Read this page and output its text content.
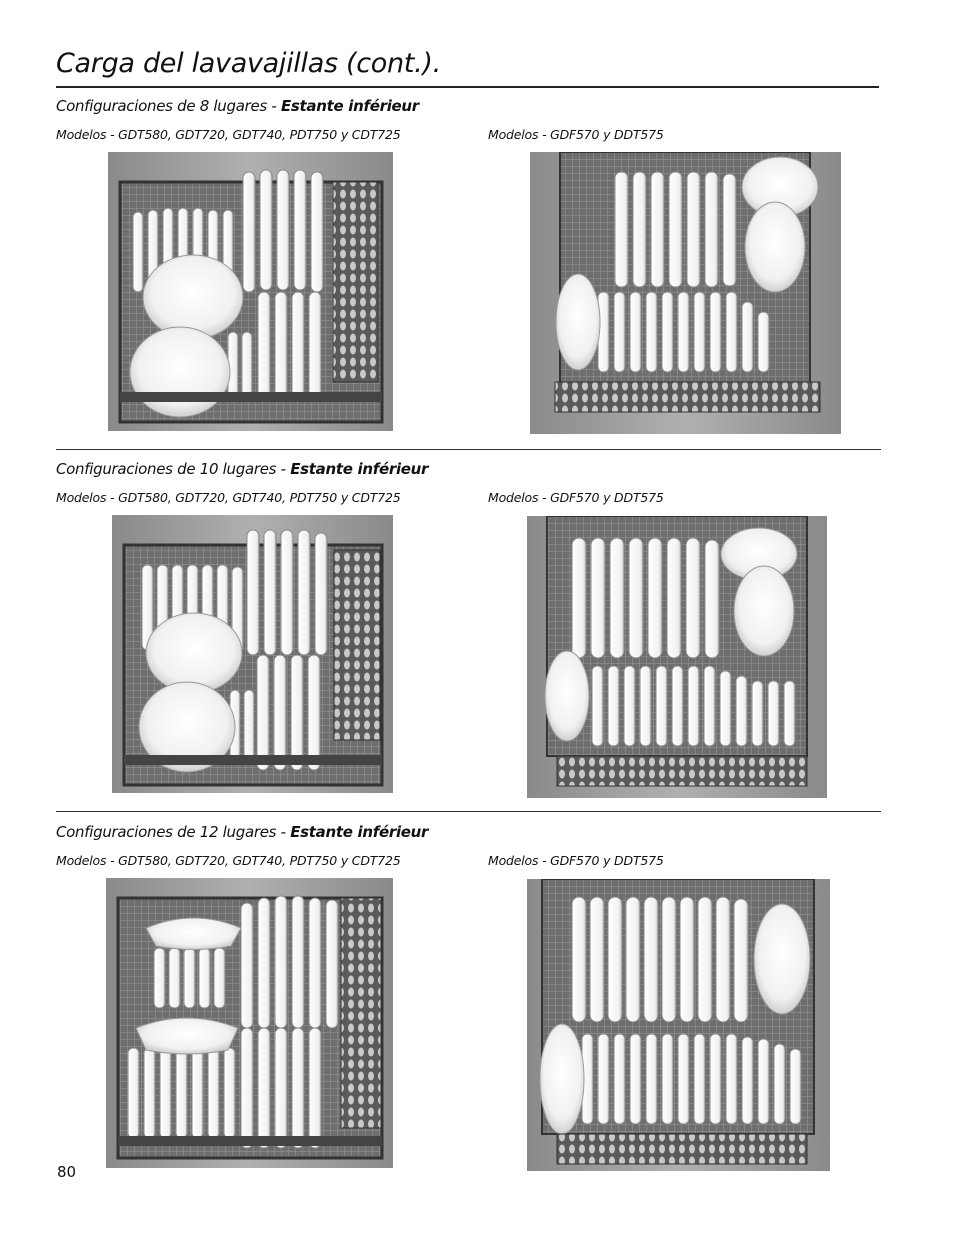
Carga del lavavajillas (cont.).
Configuraciones de 8 lugares - Estante inférieur

Modelos - GDT580, GDT720, GDT740, PDT750 y CDT725	Modelos - GDF570 y DDT575

Configuraciones de 10 lugares - Estante inférieur

Modelos - GDT580, GDT720, GDT740, PDT750 y CDT725	Modelos - GDF570 y DDT575

Configuraciones de 12 lugares - Estante inférieur

Modelos - GDT580, GDT720, GDT740, PDT750 y CDT725	Modelos - GDF570 y DDT575

80
